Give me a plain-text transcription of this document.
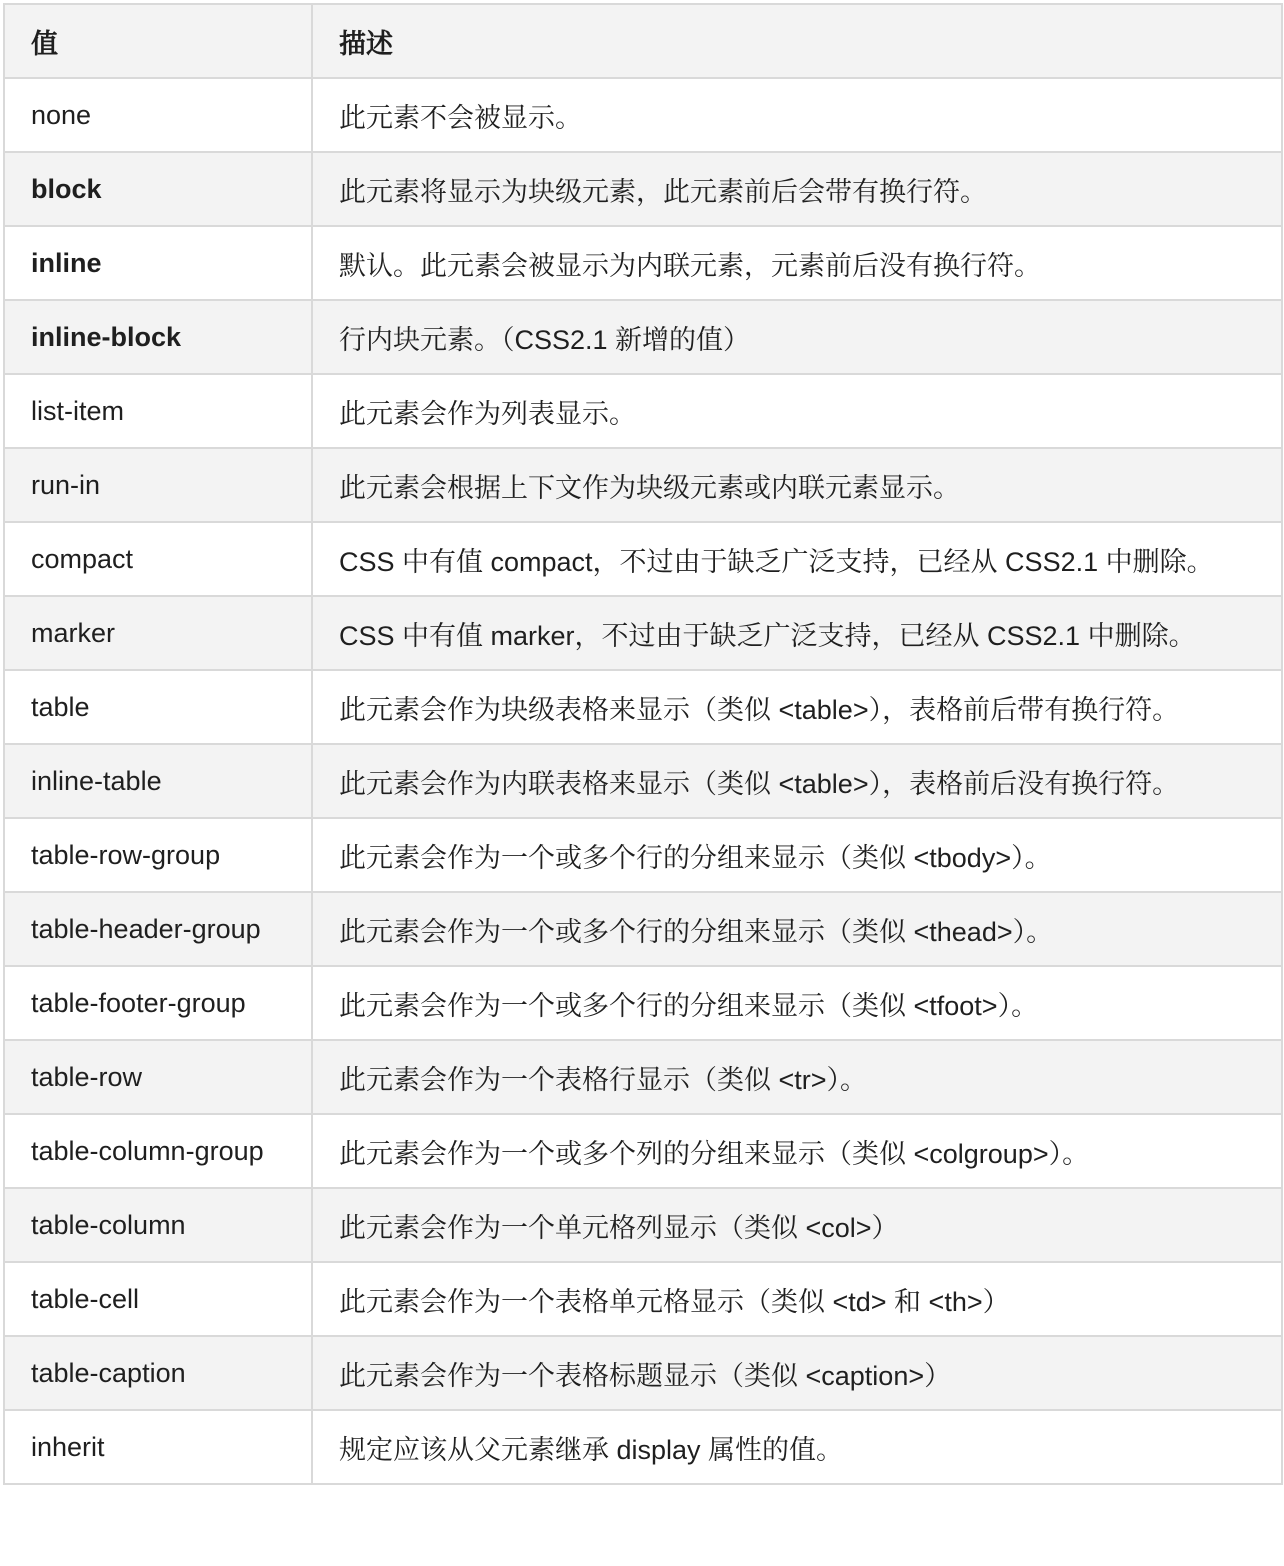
值	描述
none	此元素不会被显示。
block	此元素将显示为块级元素，此元素前后会带有换行符。
inline	默认。此元素会被显示为内联元素，元素前后没有换行符。
inline-block	行内块元素。（CSS2.1 新增的值）
list-item	此元素会作为列表显示。
run-in	此元素会根据上下文作为块级元素或内联元素显示。
compact	CSS 中有值 compact，不过由于缺乏广泛支持，已经从 CSS2.1 中删除。
marker	CSS 中有值 marker，不过由于缺乏广泛支持，已经从 CSS2.1 中删除。
table	此元素会作为块级表格来显示（类似 <table>），表格前后带有换行符。
inline-table	此元素会作为内联表格来显示（类似 <table>），表格前后没有换行符。
table-row-group	此元素会作为一个或多个行的分组来显示（类似 <tbody>）。
table-header-group	此元素会作为一个或多个行的分组来显示（类似 <thead>）。
table-footer-group	此元素会作为一个或多个行的分组来显示（类似 <tfoot>）。
table-row	此元素会作为一个表格行显示（类似 <tr>）。
table-column-group	此元素会作为一个或多个列的分组来显示（类似 <colgroup>）。
table-column	此元素会作为一个单元格列显示（类似 <col>）
table-cell	此元素会作为一个表格单元格显示（类似 <td> 和 <th>）
table-caption	此元素会作为一个表格标题显示（类似 <caption>）
inherit	规定应该从父元素继承 display 属性的值。
